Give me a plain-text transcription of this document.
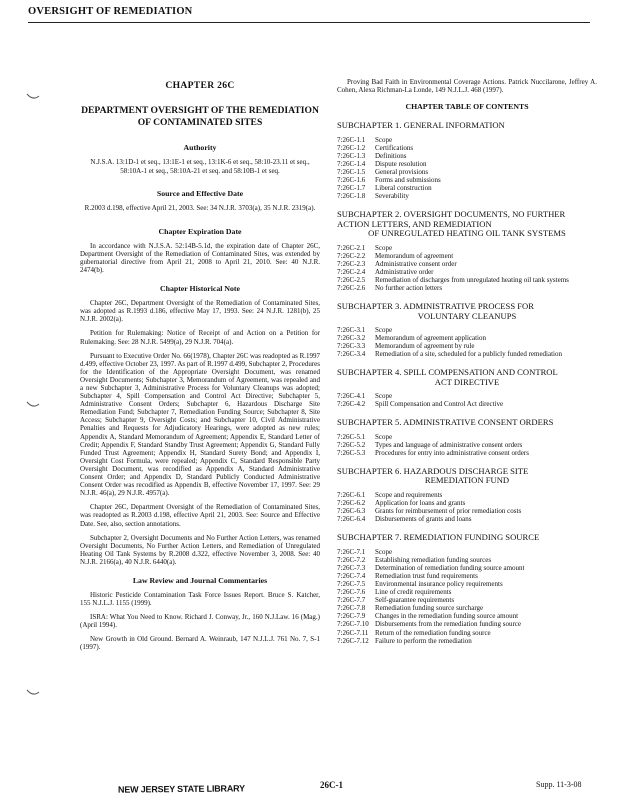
OVERSIGHT OF REMEDIATION
CHAPTER 26C
DEPARTMENT OVERSIGHT OF THE REMEDIATION OF CONTAMINATED SITES
Authority
N.J.S.A. 13:1D-1 et seq., 13:1E-1 et seq., 13:1K-6 et seq., 58:10-23.11 et seq., 58:10A-1 et seq., 58:10A-21 et seq. and 58:10B-1 et seq.
Source and Effective Date
R.2003 d.198, effective April 21, 2003. See: 34 N.J.R. 3703(a), 35 N.J.R. 2319(a).
Chapter Expiration Date

In accordance with N.J.S.A. 52:14B-5.1d, the expiration date of Chapter 26C, Department Oversight of the Remediation of Contaminated Sites, was extended by gubernatorial directive from April 21, 2008 to April 21, 2010. See: 40 N.J.R. 2474(b).

Chapter Historical Note

Chapter 26C, Department Oversight of the Remediation of Contaminated Sites, was adopted as R.1993 d.186, effective May 17, 1993. See: 24 N.J.R. 1281(b), 25 N.J.R. 2002(a).

Petition for Rulemaking: Notice of Receipt of and Action on a Petition for Rulemaking. See: 28 N.J.R. 5499(a), 29 N.J.R. 704(a).

Pursuant to Executive Order No. 66(1978), Chapter 26C was readopted as R.1997 d.499, effective October 23, 1997. As part of R.1997 d.499, Subchapter 2, Procedures for the Identification of the Appropriate Oversight Document, was renamed Oversight Documents; Subchapter 3, Memorandum of Agreement, was repealed and a new Subchapter 3, Administrative Process for Voluntary Cleanups was adopted; Subchapter 4, Spill Compensation and Control Act Directive; Subchapter 5, Administrative Consent Orders; Subchapter 6, Hazardous Discharge Site Remediation Fund; Subchapter 7, Remediation Funding Source; Subchapter 8, Site Access; Subchapter 9, Oversight Costs; and Subchapter 10, Civil Administrative Penalties and Requests for Adjudicatory Hearings, were adopted as new rules; Appendix A, Standard Memorandum of Agreement; Appendix E, Standard Letter of Credit; Appendix F, Standard Standby Trust Agreement; Appendix G, Standard Fully Funded Trust Agreement; Appendix H, Standard Surety Bond; and Appendix I, Oversight Cost Formula, were repealed; Appendix C, Standard Responsible Party Oversight Document, was recodified as Appendix A, Standard Administrative Consent Order; and Appendix D, Standard Publicly Conducted Administrative Consent Order was recodified as Appendix B, effective November 17, 1997. See: 29 N.J.R. 46(a), 29 N.J.R. 4957(a).

Chapter 26C, Department Oversight of the Remediation of Contaminated Sites, was readopted as R.2003 d.198, effective April 21, 2003. See: Source and Effective Date. See, also, section annotations.

Subchapter 2, Oversight Documents and No Further Action Letters, was renamed Oversight Documents, No Further Action Letters, and Remediation of Unregulated Heating Oil Tank Systems by R.2008 d.322, effective November 3, 2008. See: 40 N.J.R. 2166(a), 40 N.J.R. 6440(a).

Law Review and Journal Commentaries

Historic Pesticide Contamination Task Force Issues Report. Bruce S. Katcher, 155 N.J.L.J. 1155 (1999).

ISRA: What You Need to Know. Richard J. Conway, Jr., 160 N.J.Law. 16 (Mag.) (April 1994).

New Growth in Old Ground. Bernard A. Weinraub, 147 N.J.L.J. 761 No. 7, S-1 (1997).

Proving Bad Faith in Environmental Coverage Actions. Patrick Nuccilarone, Jeffrey A. Cohen, Alexa Richman-La Londe, 149 N.J.L.J. 468 (1997).

CHAPTER TABLE OF CONTENTS
SUBCHAPTER 1. GENERAL INFORMATION
7:26C-1.1	Scope
7:26C-1.2	Certifications
7:26C-1.3	Definitions
7:26C-1.4	Dispute resolution
7:26C-1.5	General provisions
7:26C-1.6	Forms and submissions
7:26C-1.7	Liberal construction
7:26C-1.8	Severability
SUBCHAPTER 2. OVERSIGHT DOCUMENTS, NO FURTHER ACTION LETTERS, AND REMEDIATION
OF UNREGULATED HEATING OIL TANK SYSTEMS
7:26C-2.1	Scope
7:26C-2.2	Memorandum of agreement
7:26C-2.3	Administrative consent order
7:26C-2.4	Administrative order
7:26C-2.5	Remediation of discharges from unregulated heating oil tank systems
7:26C-2.6	No further action letters
SUBCHAPTER 3. ADMINISTRATIVE PROCESS FOR
VOLUNTARY CLEANUPS
7:26C-3.1	Scope
7:26C-3.2	Memorandum of agreement application
7:26C-3.3	Memorandum of agreement by rule
7:26C-3.4	Remediation of a site, scheduled for a publicly funded remediation
SUBCHAPTER 4. SPILL COMPENSATION AND CONTROL
ACT DIRECTIVE
7:26C-4.1	Scope
7:26C-4.2	Spill Compensation and Control Act directive
SUBCHAPTER 5. ADMINISTRATIVE CONSENT ORDERS
7:26C-5.1	Scope
7:26C-5.2	Types and language of administrative consent orders
7:26C-5.3	Procedures for entry into administrative consent orders
SUBCHAPTER 6. HAZARDOUS DISCHARGE SITE
REMEDIATION FUND
7:26C-6.1	Scope and requirements
7:26C-6.2	Application for loans and grants
7:26C-6.3	Grants for reimbursement of prior remediation costs
7:26C-6.4	Disbursements of grants and loans
SUBCHAPTER 7. REMEDIATION FUNDING SOURCE
7:26C-7.1	Scope
7:26C-7.2	Establishing remediation funding sources
7:26C-7.3	Determination of remediation funding source amount
7:26C-7.4	Remediation trust fund requirements
7:26C-7.5	Environmental insurance policy requirements
7:26C-7.6	Line of credit requirements
7:26C-7.7	Self-guarantee requirements
7:26C-7.8	Remediation funding source surcharge
7:26C-7.9	Changes in the remediation funding source amount
7:26C-7.10	Disbursements from the remediation funding source
7:26C-7.11	Return of the remediation funding source
7:26C-7.12	Failure to perform the remediation
NEW JERSEY STATE LIBRARY	26C-1	Supp. 11-3-08
